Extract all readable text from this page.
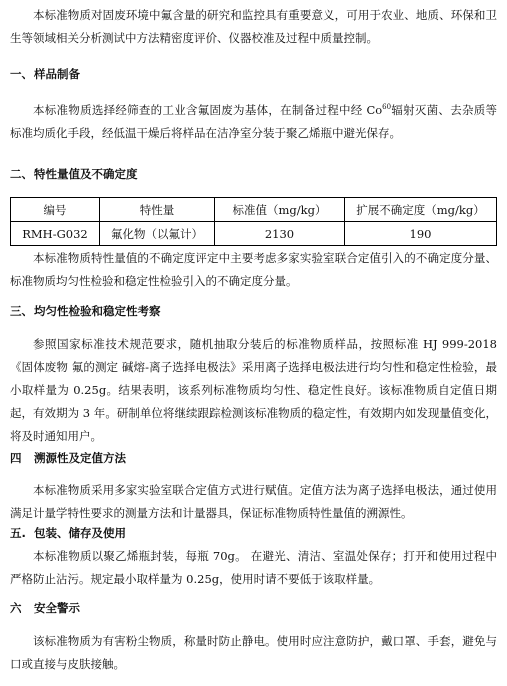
本标准物质对固废环境中氟含量的研究和监控具有重要意义，可用于农业、地质、环保和卫生等领域相关分析测试中方法精密度评价、仪器校准及过程中质量控制。

一、样品制备

本标准物质选择经筛查的工业含氟固废为基体，在制备过程中经 Co$^{60}$辐射灭菌、去杂质等标准均质化手段，经低温干燥后将样品在洁净室分装于聚乙烯瓶中避光保存。

二、特性量值及不确定度
编号	特性量	标准值（mg/kg）	扩展不确定度（mg/kg）
RMH-G032	氟化物（以氟计）	2130	190

本标准物质特性量值的不确定度评定中主要考虑多家实验室联合定值引入的不确定度分量、标准物质均匀性检验和稳定性检验引入的不确定度分量。

三、均匀性检验和稳定性考察

参照国家标准技术规范要求，随机抽取分装后的标准物质样品，按照标准 HJ 999-2018《固体废物 氟的测定 碱熔-离子选择电极法》采用离子选择电极法进行均匀性和稳定性检验，最小取样量为 0.25g。结果表明，该系列标准物质均匀性、稳定性良好。该标准物质自定值日期起，有效期为 3 年。研制单位将继续跟踪检测该标准物质的稳定性，有效期内如发现量值变化，将及时通知用户。

四 溯源性及定值方法

本标准物质采用多家实验室联合定值方式进行赋值。定值方法为离子选择电极法，通过使用满足计量学特性要求的测量方法和计量器具，保证标准物质特性量值的溯源性。

五. 包装、储存及使用

本标准物质以聚乙烯瓶封装，每瓶 70g。 在避光、清洁、室温处保存；打开和使用过程中严格防止沾污。规定最小取样量为 0.25g，使用时请不要低于该取样量。

六 安全警示

该标准物质为有害粉尘物质，称量时防止静电。使用时应注意防护，戴口罩、手套，避免与口或直接与皮肤接触。
